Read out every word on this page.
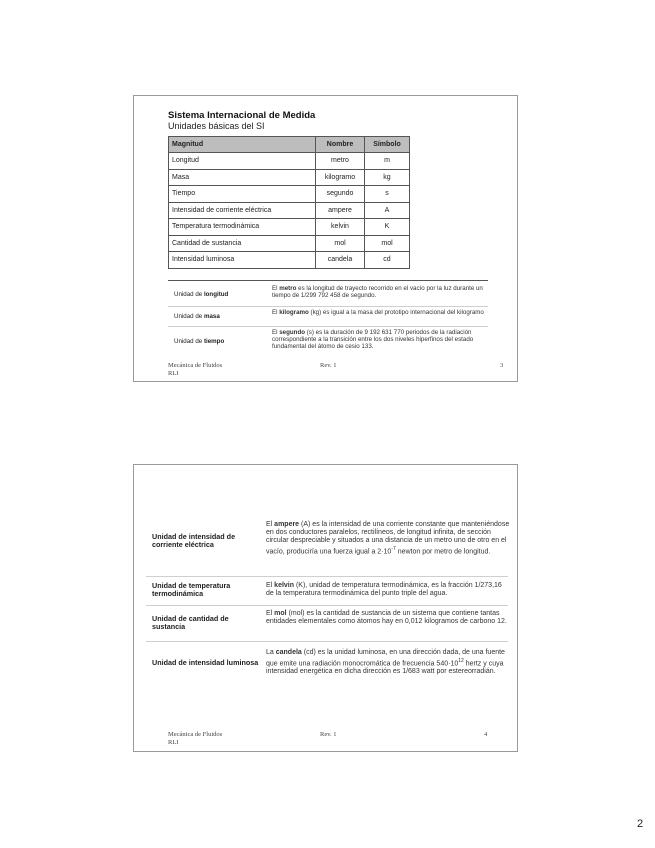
Sistema Internacional de Medida
Unidades básicas del SI
Magnitud	Nombre	Símbolo
Longitud	metro	m
Masa	kilogramo	kg
Tiempo	segundo	s
Intensidad de corriente eléctrica	ampere	A
Temperatura termodinámica	kelvin	K
Cantidad de sustancia	mol	mol
Intensidad luminosa	candela	cd
Unidad de longitud
El metro es la longitud de trayecto recorrido en el vacío por la luz durante un tiempo de 1/299 792 458 de segundo.
Unidad de masa
El kilogramo (kg) es igual a la masa del prototipo internacional del kilogramo
Unidad de tiempo
El segundo (s) es la duración de 9 192 631 770 periodos de la radiación correspondiente a la transición entre los dos niveles hiperfinos del estado fundamental del átomo de cesio 133.
Mecánica de Fluidos
RLI
Rev. 1	3
Unidad de intensidad de corriente eléctrica
El ampere (A) es la intensidad de una corriente constante que manteniéndose en dos conductores paralelos, rectilíneos, de longitud infinita, de sección circular despreciable y situados a una distancia de un metro uno de otro en el vacío, produciría una fuerza igual a $2\cdot 10^{-7}$ newton por metro de longitud.
Unidad de temperatura termodinámica
El kelvin (K), unidad de temperatura termodinámica, es la fracción 1/273,16 de la temperatura termodinámica del punto triple del agua.
Unidad de cantidad de sustancia
El mol (mol) es la cantidad de sustancia de un sistema que contiene tantas entidades elementales como átomos hay en 0,012 kilogramos de carbono 12.
Unidad de intensidad luminosa
La candela (cd) es la unidad luminosa, en una dirección dada, de una fuente que emite una radiación monocromática de frecuencia $540\cdot 10^{12}$ hertz y cuya intensidad energética en dicha dirección es 1/683 watt por estereorradián.
Mecánica de Fluidos
RLI
Rev. 1	4
2
